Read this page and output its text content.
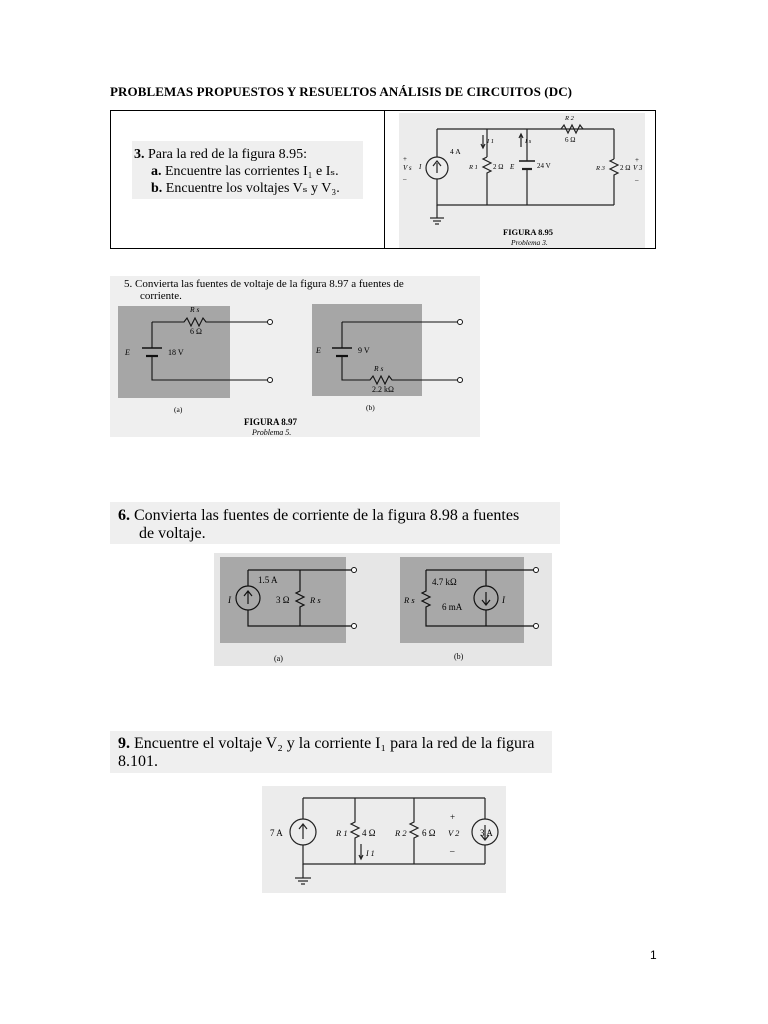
PROBLEMAS PROPUESTOS Y RESUELTOS ANÁLISIS DE CIRCUITOS (DC)
3. Para la red de la figura 8.95:
a. Encuentre las corrientes I₁ e Iₛ.
b. Encuentre los voltajes Vₛ y V₃.
4 A
I
+
V s
–
I 1	I s
R 1 2 Ω E	24 V
R 2
6 Ω
R 3 2 Ω
+
V 3
–
FIGURA 8.95
Problema 3.
5. Convierta las fuentes de voltaje de la figura 8.97 a fuentes de
corriente.
E	18 V
R s
6 Ω
(a)
E	9 V
R s
2.2 kΩ
(b)
FIGURA 8.97
Problema 5.
6. Convierta las fuentes de corriente de la figura 8.98 a fuentes
de voltaje.
1.5 A
I	3 Ω R s
(a)
4.7 kΩ
R s
6 mA
I
(b)
9. Encuentre el voltaje V₂ y la corriente I₁ para la red de la figura
8.101.
7 A	R 1 4 Ω
I 1
R 2 6 Ω
+
V 2
–
3 A
1
